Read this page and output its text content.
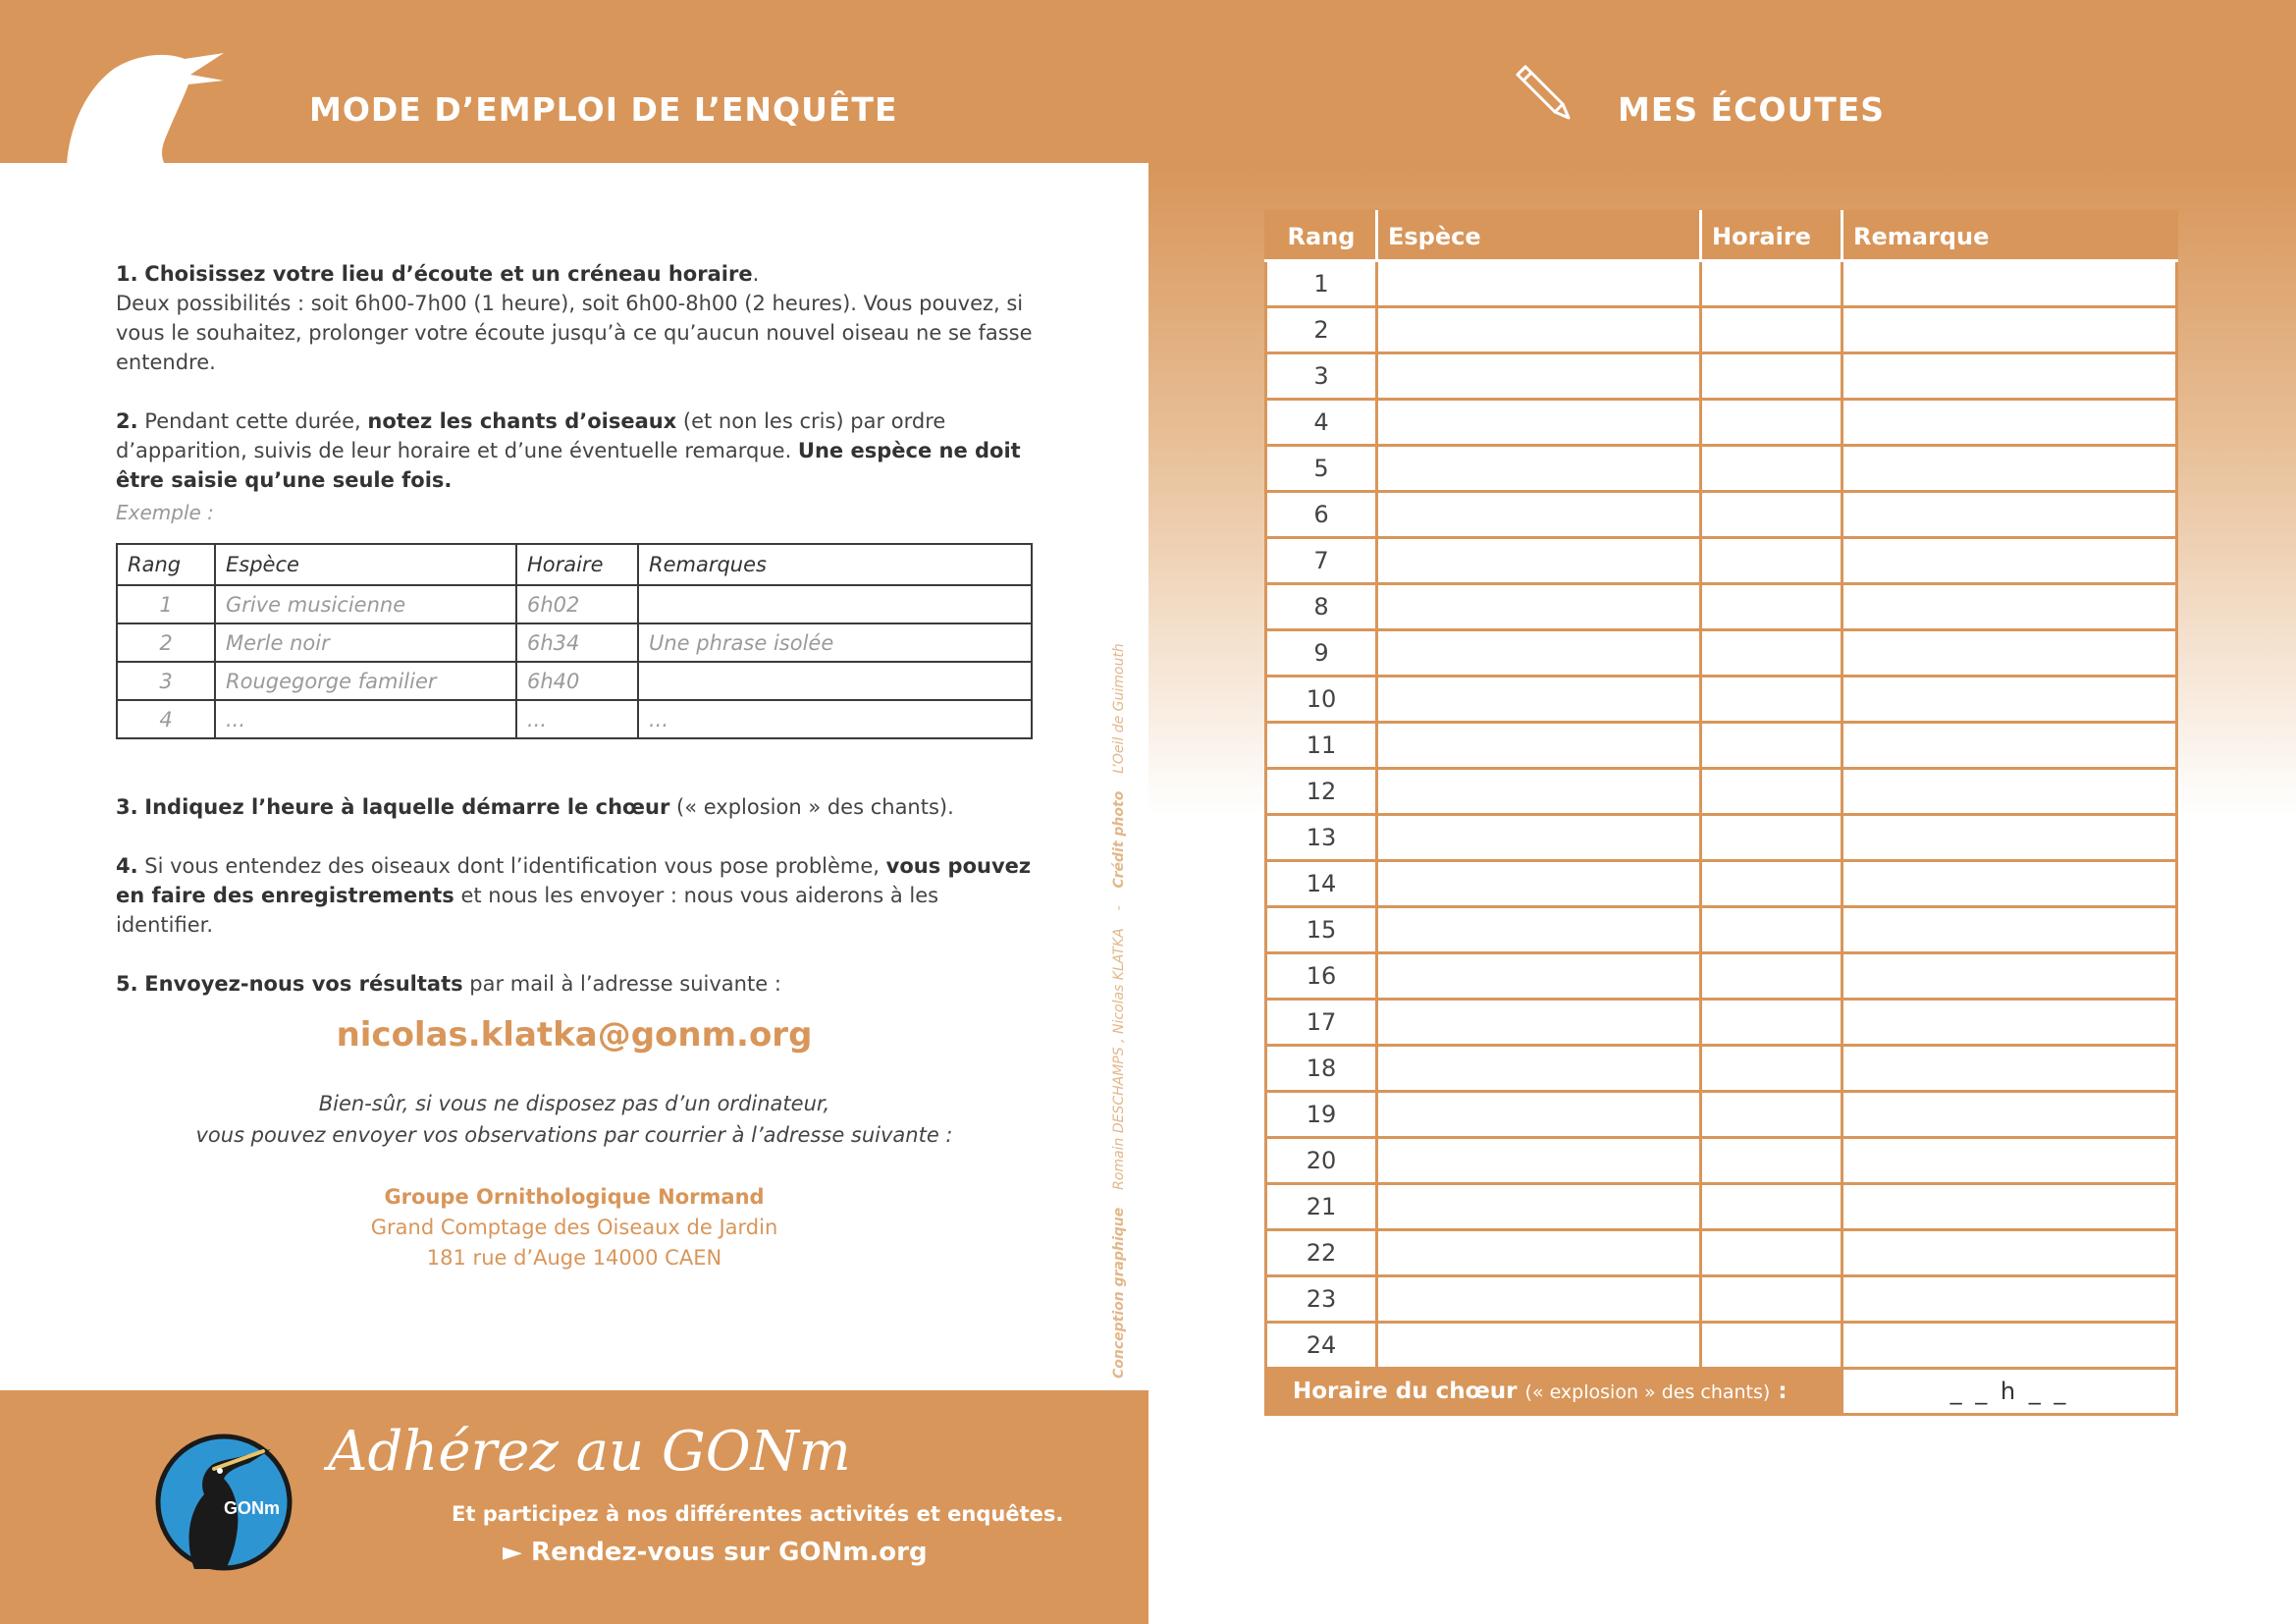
MODE D’EMPLOI DE L’ENQUÊTE

1. Choisissez votre lieu d’écoute et un créneau horaire.
Deux possibilités : soit 6h00-7h00 (1 heure), soit 6h00-8h00 (2 heures). Vous pouvez, si vous le souhaitez, prolonger votre écoute jusqu’à ce qu’aucun nouvel oiseau ne se fasse entendre.

2. Pendant cette durée, notez les chants d’oiseaux (et non les cris) par ordre d’apparition, suivis de leur horaire et d’une éventuelle remarque. Une espèce ne doit être saisie qu’une seule fois.

Exemple :
Rang	Espèce	Horaire	Remarques
1	Grive musicienne	6h02	
2	Merle noir	6h34	Une phrase isolée
3	Rougegorge familier	6h40	
4	...	...	...

3. Indiquez l’heure à laquelle démarre le chœur (« explosion » des chants).

4. Si vous entendez des oiseaux dont l’identification vous pose problème, vous pouvez en faire des enregistrements et nous les envoyer : nous vous aiderons à les identifier.

5. Envoyez-nous vos résultats par mail à l’adresse suivante :

nicolas.klatka@gonm.org
Bien-sûr, si vous ne disposez pas d’un ordinateur,
vous pouvez envoyer vos observations par courrier à l’adresse suivante :
Groupe Ornithologique Normand
Grand Comptage des Oiseaux de Jardin
181 rue d’Auge 14000 CAEN	Conception graphique    Romain DESCHAMPS , Nicolas KLATKA    -    Crédit photo    L’Oeil de Guimouth
GONm
Adhérez au GONm
Et participez à nos différentes activités et enquêtes.
► Rendez-vous sur GONm.org
MES ÉCOUTES
Rang	Espèce	Horaire	Remarque
1			
2			
3			
4			
5			
6			
7			
8			
9			
10			
11			
12			
13			
14			
15			
16			
17			
18			
19			
20			
21			
22			
23			
24			
Horaire du chœur (« explosion » des chants) :			_ _ h _ _
